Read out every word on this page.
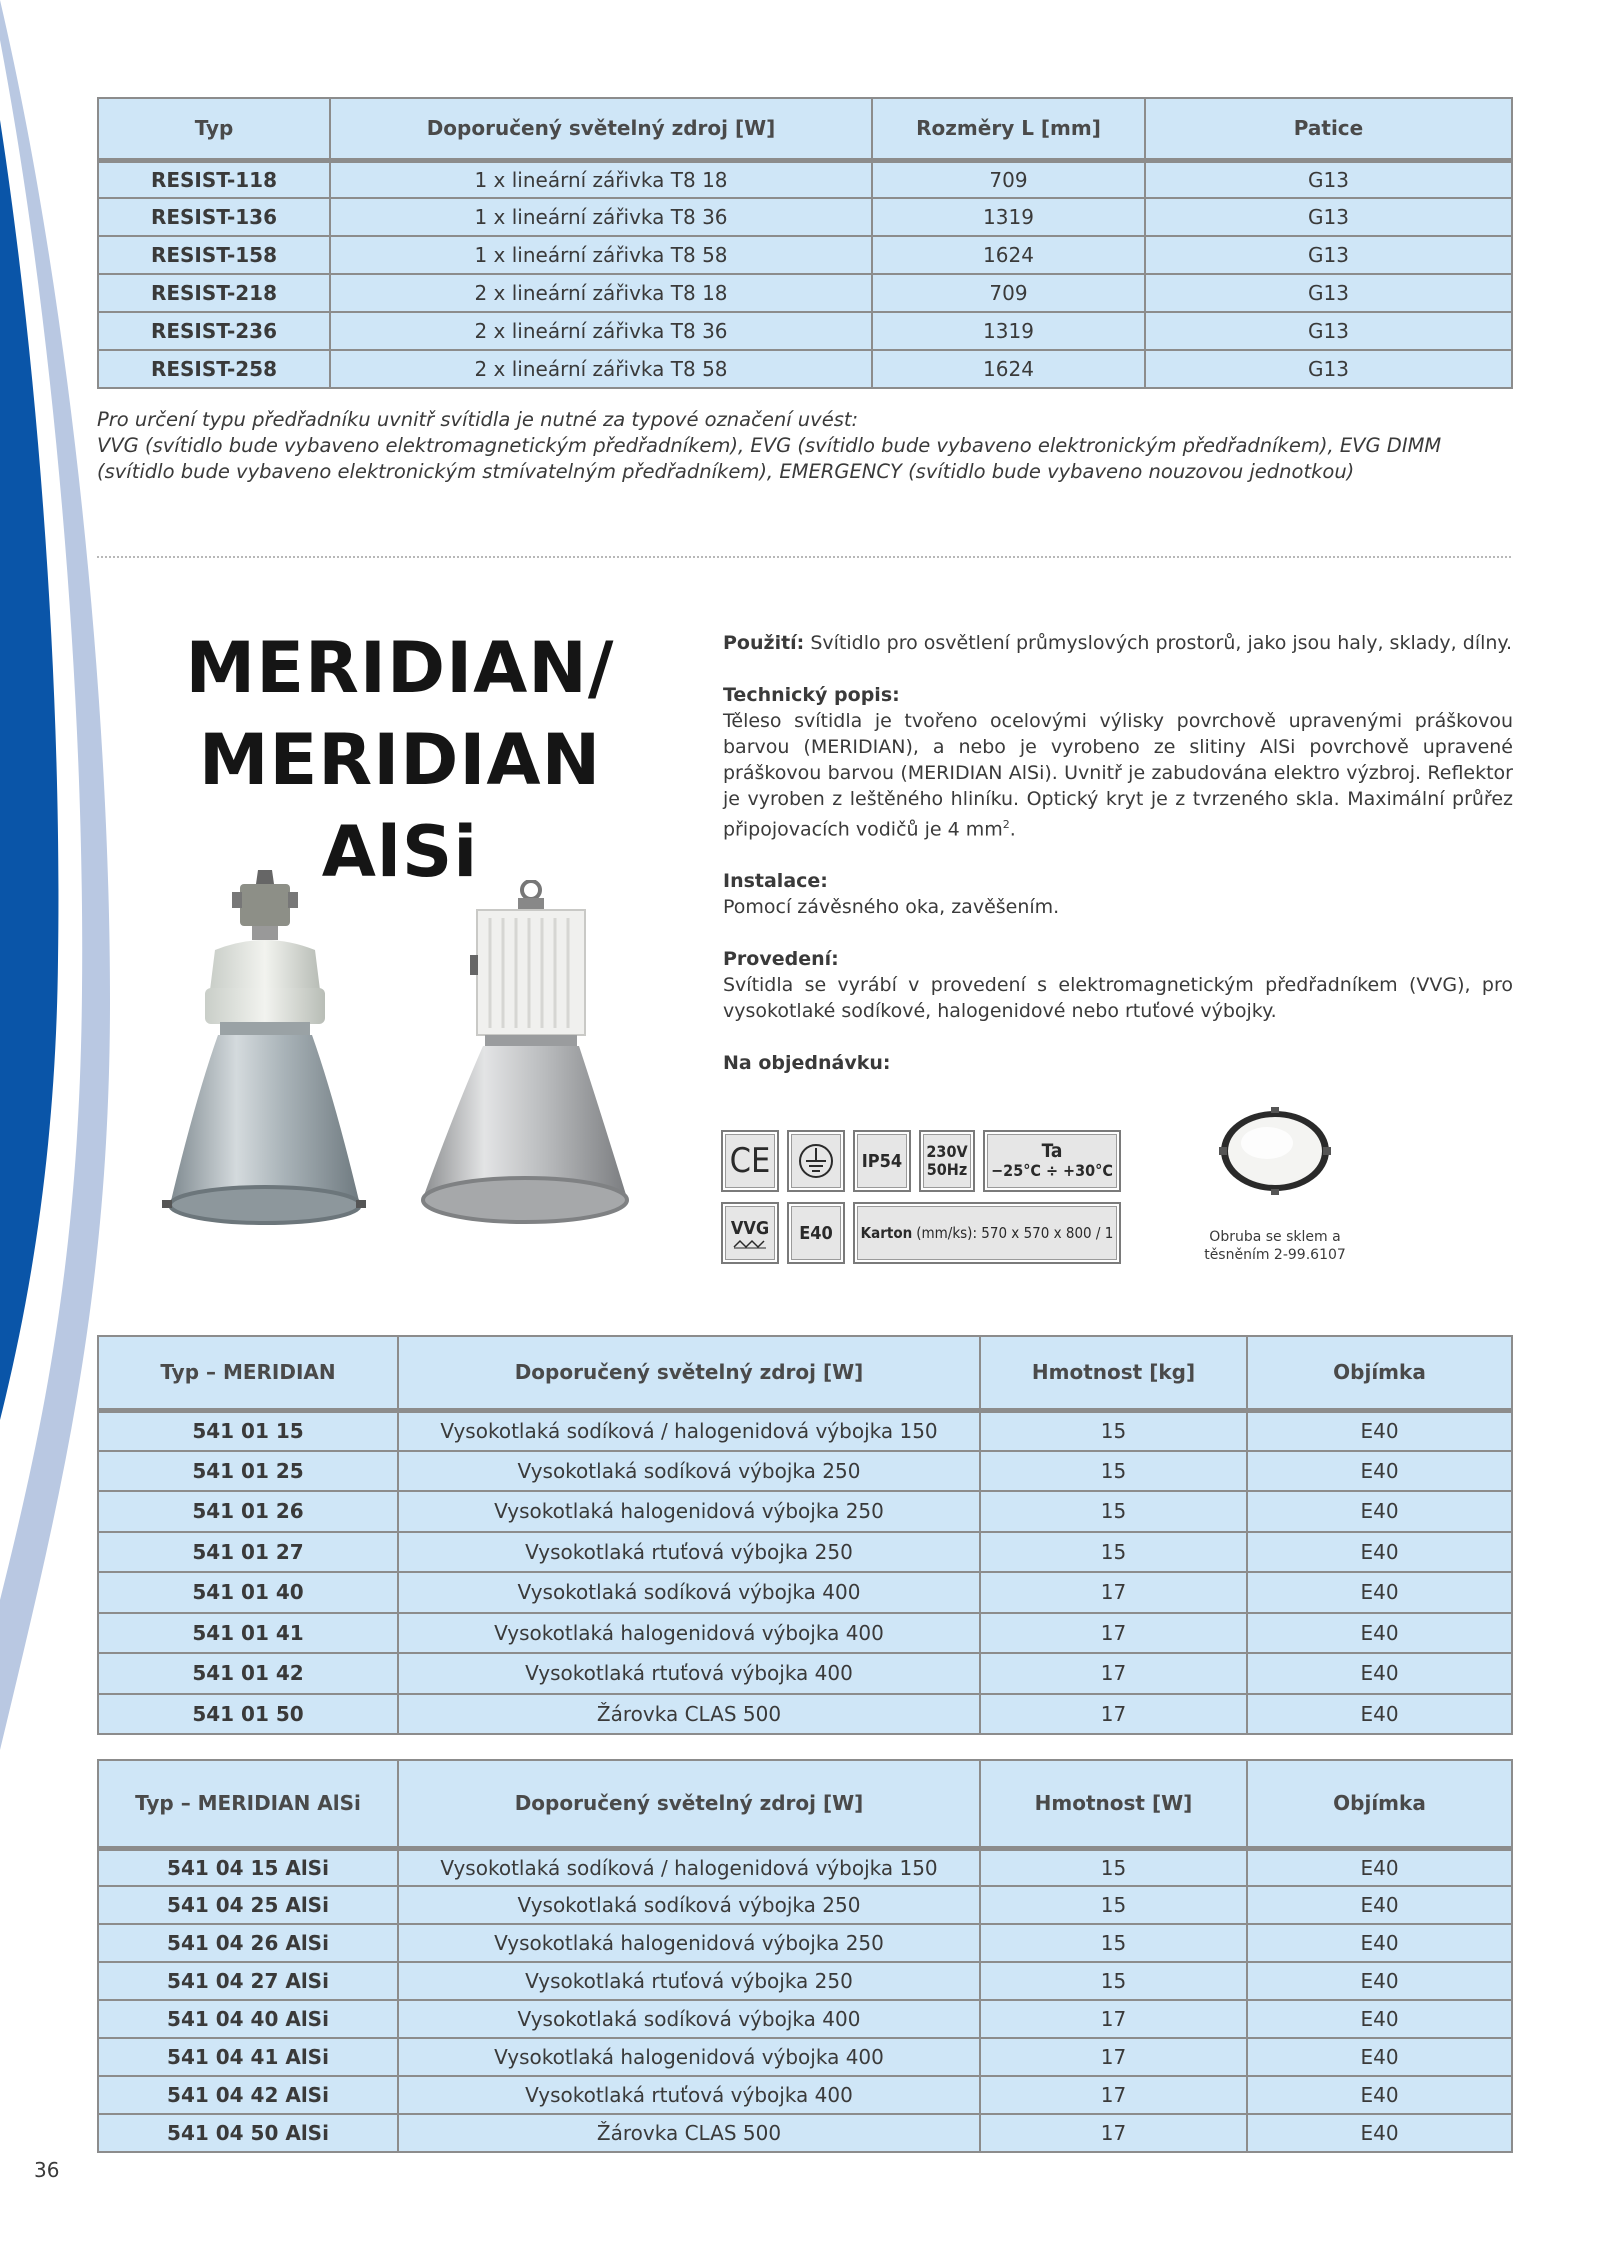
Typ	Doporučený světelný zdroj [W]	Rozměry L [mm]	Patice
RESIST-118	1 x lineární zářivka T8 18	709	G13
RESIST-136	1 x lineární zářivka T8 36	1319	G13
RESIST-158	1 x lineární zářivka T8 58	1624	G13
RESIST-218	2 x lineární zářivka T8 18	709	G13
RESIST-236	2 x lineární zářivka T8 36	1319	G13
RESIST-258	2 x lineární zářivka T8 58	1624	G13
Pro určení typu předřadníku uvnitř svítidla je nutné za typové označení uvést:
VVG (svítidlo bude vybaveno elektromagnetickým předřadníkem), EVG (svítidlo bude vybaveno elektronickým předřadníkem), EVG DIMM (svítidlo bude vybaveno elektronickým stmívatelným předřadníkem), EMERGENCY (svítidlo bude vybaveno nouzovou jednotkou)
MERIDIAN/
MERIDIAN AlSi
Použití: Svítidlo pro osvětlení průmyslových prostorů, jako jsou haly, sklady, dílny.
Technický popis:
Těleso svítidla je tvořeno ocelovými výlisky povrchově upravenými práškovou barvou (MERIDIAN), a nebo je vyrobeno ze slitiny AlSi povrchově upravené práškovou barvou (MERIDIAN AlSi). Uvnitř je zabudována elektro výzbroj. Reflektor je vyroben z leštěného hliníku. Optický kryt je z tvrzeného skla. Maximální průřez připojovacích vodičů je 4 $mm^2$.
Instalace:
Pomocí závěsného oka, zavěšením.
Provedení:
Svítidla se vyrábí v provedení s elektromagnetickým předřadníkem (VVG), pro vysokotlaké sodíkové, halogenidové nebo rtuťové výbojky.
Na objednávku:
CE	IP54 230V
50Hz
Ta
−25°C ÷ +30°C
VVG E40 Karton (mm/ks): 570 x 570 x 800 / 1	Obruba se sklem a
těsněním 2-99.6107
Typ – MERIDIAN	Doporučený světelný zdroj [W]	Hmotnost [kg]	Objímka
541 01 15	Vysokotlaká sodíková / halogenidová výbojka 150	15	E40
541 01 25	Vysokotlaká sodíková výbojka 250	15	E40
541 01 26	Vysokotlaká halogenidová výbojka 250	15	E40
541 01 27	Vysokotlaká rtuťová výbojka 250	15	E40
541 01 40	Vysokotlaká sodíková výbojka 400	17	E40
541 01 41	Vysokotlaká halogenidová výbojka 400	17	E40
541 01 42	Vysokotlaká rtuťová výbojka 400	17	E40
541 01 50	Žárovka CLAS 500	17	E40
Typ – MERIDIAN AlSi	Doporučený světelný zdroj [W]	Hmotnost [W]	Objímka
541 04 15 AlSi	Vysokotlaká sodíková / halogenidová výbojka 150	15	E40
541 04 25 AlSi	Vysokotlaká sodíková výbojka 250	15	E40
541 04 26 AlSi	Vysokotlaká halogenidová výbojka 250	15	E40
541 04 27 AlSi	Vysokotlaká rtuťová výbojka 250	15	E40
541 04 40 AlSi	Vysokotlaká sodíková výbojka 400	17	E40
541 04 41 AlSi	Vysokotlaká halogenidová výbojka 400	17	E40
541 04 42 AlSi	Vysokotlaká rtuťová výbojka 400	17	E40
541 04 50 AlSi	Žárovka CLAS 500	17	E40
36
